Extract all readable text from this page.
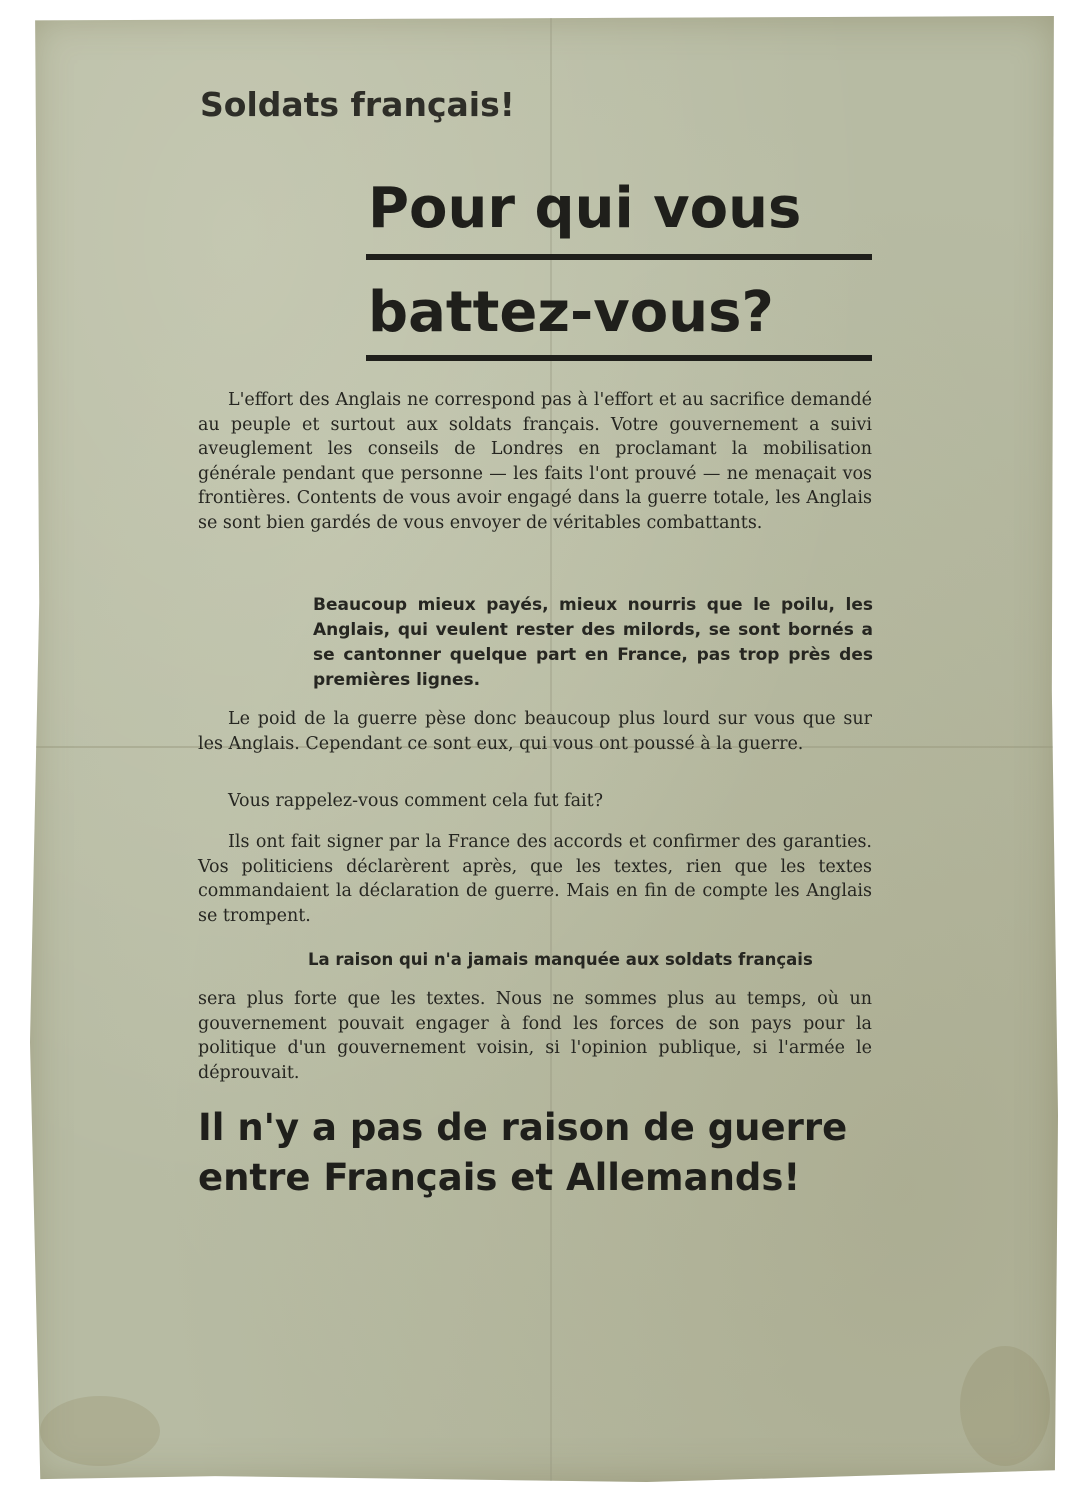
Soldats français!
Pour qui vous
battez-vous?
L'effort des Anglais ne correspond pas à l'effort et au sacrifice demandé au peuple et surtout aux soldats français. Votre gouvernement a suivi aveuglement les conseils de Londres en proclamant la mobilisation générale pendant que personne — les faits l'ont prouvé — ne menaçait vos frontières. Contents de vous avoir engagé dans la guerre totale, les Anglais se sont bien gardés de vous envoyer de véritables combattants.
Beaucoup mieux payés, mieux nourris que le poilu, les Anglais, qui veulent rester des milords, se sont bornés a se cantonner quelque part en France, pas trop près des premières lignes.
Le poid de la guerre pèse donc beaucoup plus lourd sur vous que sur les Anglais. Cependant ce sont eux, qui vous ont poussé à la guerre.
Vous rappelez-vous comment cela fut fait?
Ils ont fait signer par la France des accords et confirmer des garanties. Vos politiciens déclarèrent après, que les textes, rien que les textes commandaient la déclaration de guerre. Mais en fin de compte les Anglais se trompent.
La raison qui n'a jamais manquée aux soldats français
sera plus forte que les textes. Nous ne sommes plus au temps, où un gouvernement pouvait engager à fond les forces de son pays pour la politique d'un gouvernement voisin, si l'opinion publique, si l'armée le déprouvait.
Il n'y a pas de raison de guerre
entre Français et Allemands!
